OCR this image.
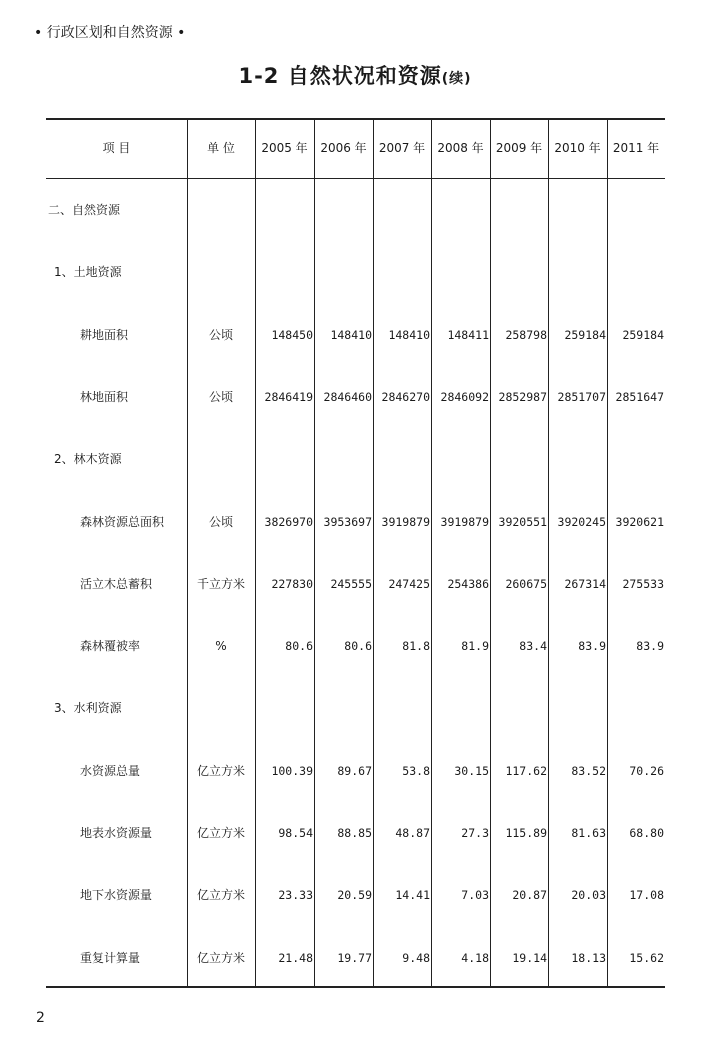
• 行政区划和自然资源 •
1-2 自然状况和资源(续)
项 目	单 位	2005 年	2006 年	2007 年	2008 年	2009 年	2010 年	2011 年
二、自然资源
1、土地资源
耕地面积	公顷	148450	148410	148410	148411	258798	259184	259184
林地面积	公顷	2846419 2846460 2846270 2846092 2852987 2851707 2851647
2、林木资源
森林资源总面积	公顷	3826970 3953697 3919879 3919879 3920551 3920245 3920621
活立木总蓄积	千立方米	227830	245555	247425	254386	260675	267314	275533
森林覆被率	%	80.6	80.6	81.8	81.9	83.4	83.9	83.9
3、水利资源
水资源总量	亿立方米	100.39	89.67	53.8	30.15	117.62	83.52	70.26
地表水资源量	亿立方米	98.54	88.85	48.87	27.3	115.89	81.63	68.80
地下水资源量	亿立方米	23.33	20.59	14.41	7.03	20.87	20.03	17.08
重复计算量	亿立方米	21.48	19.77	9.48	4.18	19.14	18.13	15.62
2
